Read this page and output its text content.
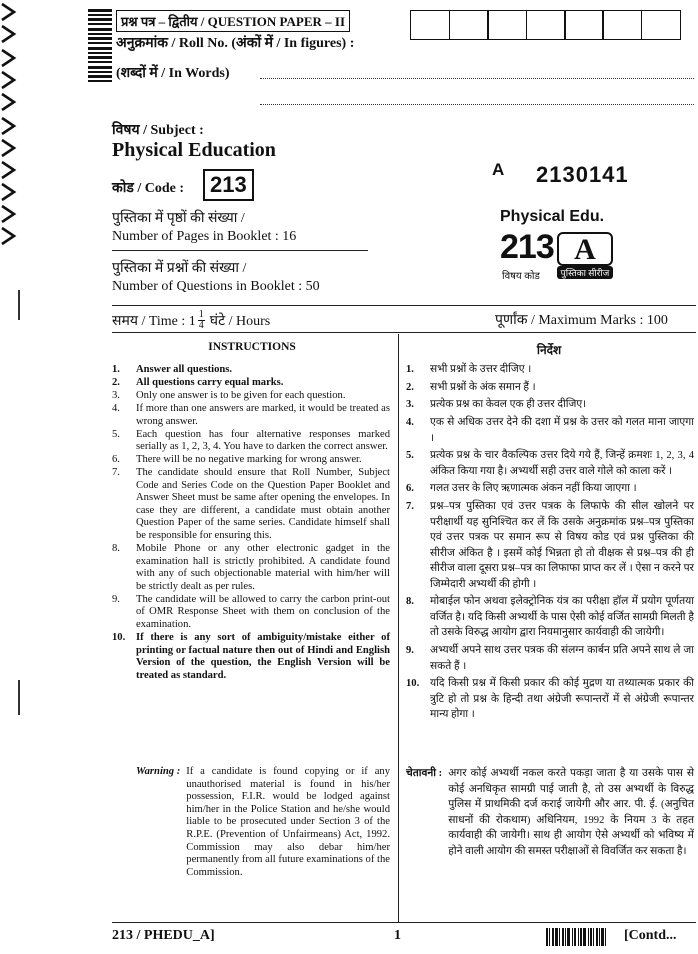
प्रश्न पत्र – द्वितीय / QUESTION PAPER – II
अनुक्रमांक / Roll No. (अंकों में / In figures) :
(शब्दों में / In Words)
विषय / Subject :
Physical Education
कोड / Code :	213
पुस्तिका में पृष्ठों की संख्या /
Number of Pages in Booklet : 16
पुस्तिका में प्रश्नों की संख्या /
Number of Questions in Booklet : 50
A 2130141
Physical Edu.
213
विषय कोड
A
पुस्तिका सीरीज
समय / Time : $1 \frac{1}{4}$ घंटे / Hours	पूर्णांक / Maximum Marks : 100
INSTRUCTIONS
1. Answer all questions.
2. All questions carry equal marks.
3. Only one answer is to be given for each question.
4. If more than one answers are marked, it would be treated as wrong answer.
5. Each question has four alternative responses marked serially as 1, 2, 3, 4. You have to darken the correct answer.
6. There will be no negative marking for wrong answer.
7. The candidate should ensure that Roll Number, Subject Code and Series Code on the Question Paper Booklet and Answer Sheet must be same after opening the envelopes. In case they are different, a candidate must obtain another Question Paper of the same series. Candidate himself shall be responsible for ensuring this.
8. Mobile Phone or any other electronic gadget in the examination hall is strictly prohibited. A candidate found with any of such objectionable material with him/her will be strictly dealt as per rules.
9. The candidate will be allowed to carry the carbon print-out of OMR Response Sheet with them on conclusion of the examination.
10. If there is any sort of ambiguity/mistake either of printing or factual nature then out of Hindi and English Version of the question, the English Version will be treated as standard.
Warning : If a candidate is found copying or if any unauthorised material is found in his/her possession, F.I.R. would be lodged against him/her in the Police Station and he/she would liable to be prosecuted under Section 3 of the R.P.E. (Prevention of Unfairmeans) Act, 1992. Commission may also debar him/her permanently from all future examinations of the Commission.
निर्देश
1. सभी प्रश्नों के उत्तर दीजिए ।
2. सभी प्रश्नों के अंक समान हैं ।
3. प्रत्येक प्रश्न का केवल एक ही उत्तर दीजिए।
4. एक से अधिक उत्तर देने की दशा में प्रश्न के उत्तर को गलत माना जाएगा ।
5. प्रत्येक प्रश्न के चार वैकल्पिक उत्तर दिये गये हैं, जिन्हें क्रमशः 1, 2, 3, 4 अंकित किया गया है। अभ्यर्थी सही उत्तर वाले गोले को काला करें ।
6. गलत उत्तर के लिए ऋणात्मक अंकन नहीं किया जाएगा ।
7. प्रश्न–पत्र पुस्तिका एवं उत्तर पत्रक के लिफाफे की सील खोलने पर परीक्षार्थी यह सुनिश्चित कर लें कि उसके अनुक्रमांक प्रश्न–पत्र पुस्तिका एवं उत्तर पत्रक पर समान रूप से विषय कोड एवं प्रश्न पुस्तिका की सीरीज अंकित है । इसमें कोई भिन्नता हो तो वीक्षक से प्रश्न–पत्र की ही सीरीज वाला दूसरा प्रश्न–पत्र का लिफाफा प्राप्त कर लें । ऐसा न करने पर जिम्मेदारी अभ्यर्थी की होगी ।
8. मोबाईल फोन अथवा इलेक्ट्रोनिक यंत्र का परीक्षा हॉल में प्रयोग पूर्णतया वर्जित है। यदि किसी अभ्यर्थी के पास ऐसी कोई वर्जित सामग्री मिलती है तो उसके विरुद्ध आयोग द्वारा नियमानुसार कार्यवाही की जायेगी।
9. अभ्यर्थी अपने साथ उत्तर पत्रक की संलग्न कार्बन प्रति अपने साथ ले जा सकते हैं ।
10. यदि किसी प्रश्न में किसी प्रकार की कोई मुद्रण या तथ्यात्मक प्रकार की त्रुटि हो तो प्रश्न के हिन्दी तथा अंग्रेजी रूपान्तरों में से अंग्रेजी रूपान्तर मान्य होगा ।
चेतावनी : अगर कोई अभ्यर्थी नकल करते पकड़ा जाता है या उसके पास से कोई अनधिकृत सामग्री पाई जाती है, तो उस अभ्यर्थी के विरुद्ध पुलिस में प्राथमिकी दर्ज कराई जायेगी और आर. पी. ई. (अनुचित साधनों की रोकथाम) अधिनियम, 1992 के नियम 3 के तहत कार्यवाही की जायेगी। साथ ही आयोग ऐसे अभ्यर्थी को भविष्य में होने वाली आयोग की समस्त परीक्षाओं से विवर्जित कर सकता है।
213 / PHEDU_A]	1	[Contd...
